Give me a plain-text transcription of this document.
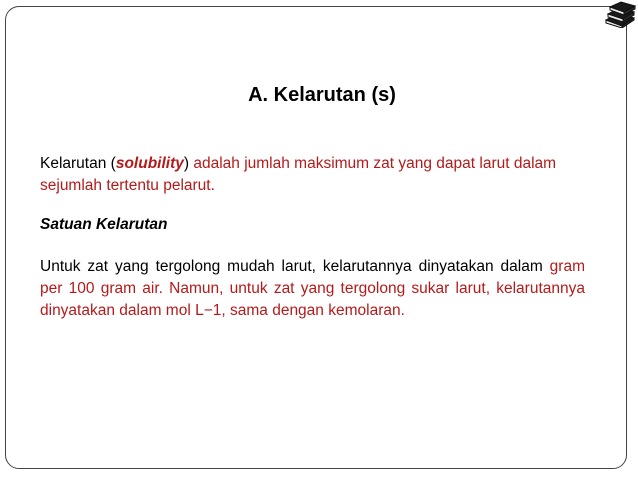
A. Kelarutan (s)

Kelarutan (solubility) adalah jumlah maksimum zat yang dapat larut dalam sejumlah tertentu pelarut.

Satuan Kelarutan

Untuk zat yang tergolong mudah larut, kelarutannya dinyatakan dalam gram per 100 gram air. Namun, untuk zat yang tergolong sukar larut, kelarutannya dinyatakan dalam mol L−1, sama dengan kemolaran.
